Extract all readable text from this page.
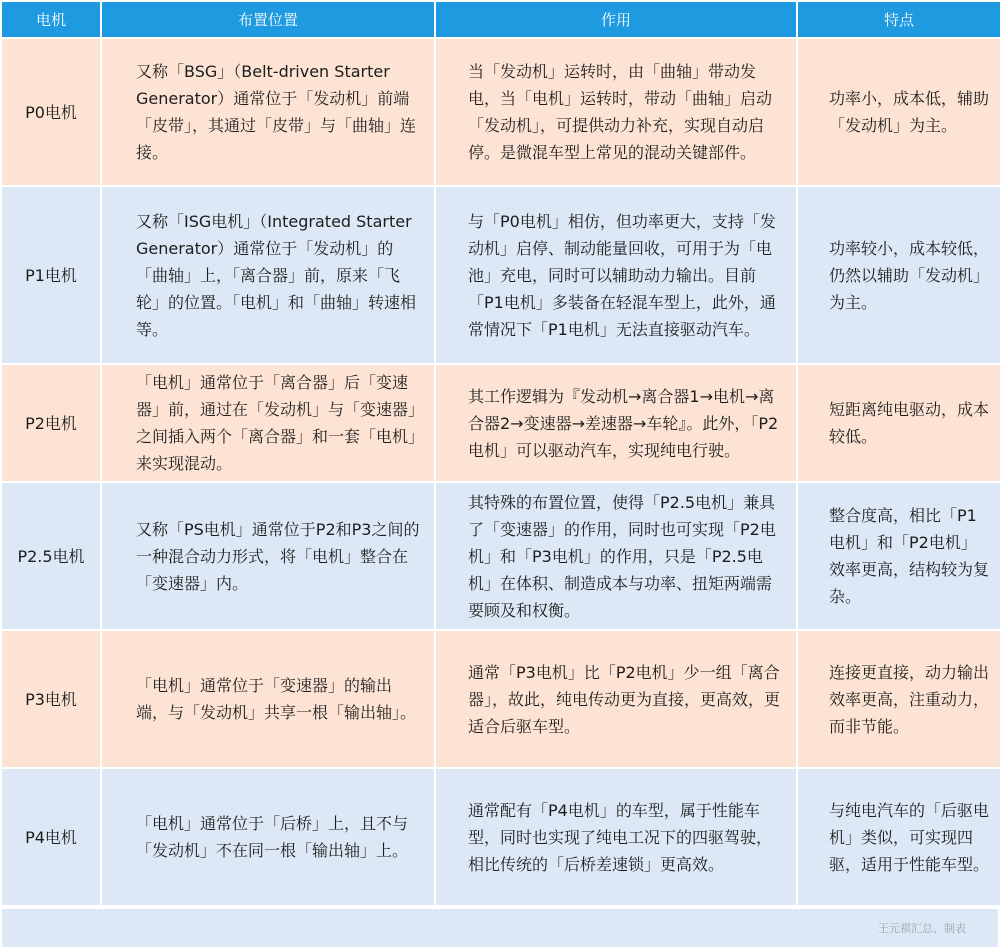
电机	布置位置	作用	特点
P0电机	又称「BSG」（Belt-driven Starter Generator）通常位于「发动机」前端「皮带」，其通过「皮带」与「曲轴」连接。	当「发动机」运转时，由「曲轴」带动发电，当「电机」运转时，带动「曲轴」启动「发动机」，可提供动力补充，实现自动启停。是微混车型上常见的混动关键部件。	功率小，成本低，辅助「发动机」为主。

P1电机	又称「ISG电机」（Integrated Starter Generator）通常位于「发动机」的「曲轴」上，「离合器」前，原来「飞轮」的位置。「电机」和「曲轴」转速相等。	与「P0电机」相仿，但功率更大，支持「发动机」启停、制动能量回收，可用于为「电池」充电，同时可以辅助动力输出。目前「P1电机」多装备在轻混车型上，此外，通常情况下「P1电机」无法直接驱动汽车。	功率较小，成本较低，仍然以辅助「发动机」为主。

P2电机	「电机」通常位于「离合器」后「变速器」前，通过在「发动机」与「变速器」之间插入两个「离合器」和一套「电机」来实现混动。	其工作逻辑为『发动机→离合器1→电机→离合器2→变速器→差速器→车轮』。此外，「P2电机」可以驱动汽车，实现纯电行驶。	短距离纯电驱动，成本较低。

P2.5电机	又称「PS电机」通常位于P2和P3之间的一种混合动力形式，将「电机」整合在「变速器」内。	其特殊的布置位置，使得「P2.5电机」兼具了「变速器」的作用，同时也可实现「P2电机」和「P3电机」的作用，只是「P2.5电机」在体积、制造成本与功率、扭矩两端需要顾及和权衡。	整合度高，相比「P1电机」和「P2电机」效率更高，结构较为复杂。

P3电机	「电机」通常位于「变速器」的输出端，与「发动机」共享一根「输出轴」。	通常「P3电机」比「P2电机」少一组「离合器」，故此，纯电传动更为直接，更高效，更适合后驱车型。	连接更直接，动力输出效率更高，注重动力，而非节能。

P4电机	「电机」通常位于「后桥」上，且不与「发动机」不在同一根「输出轴」上。	通常配有「P4电机」的车型，属于性能车型，同时也实现了纯电工况下的四驱驾驶，相比传统的「后桥差速锁」更高效。	与纯电汽车的「后驱电机」类似，可实现四驱，适用于性能车型。
王元祺汇总、制表
